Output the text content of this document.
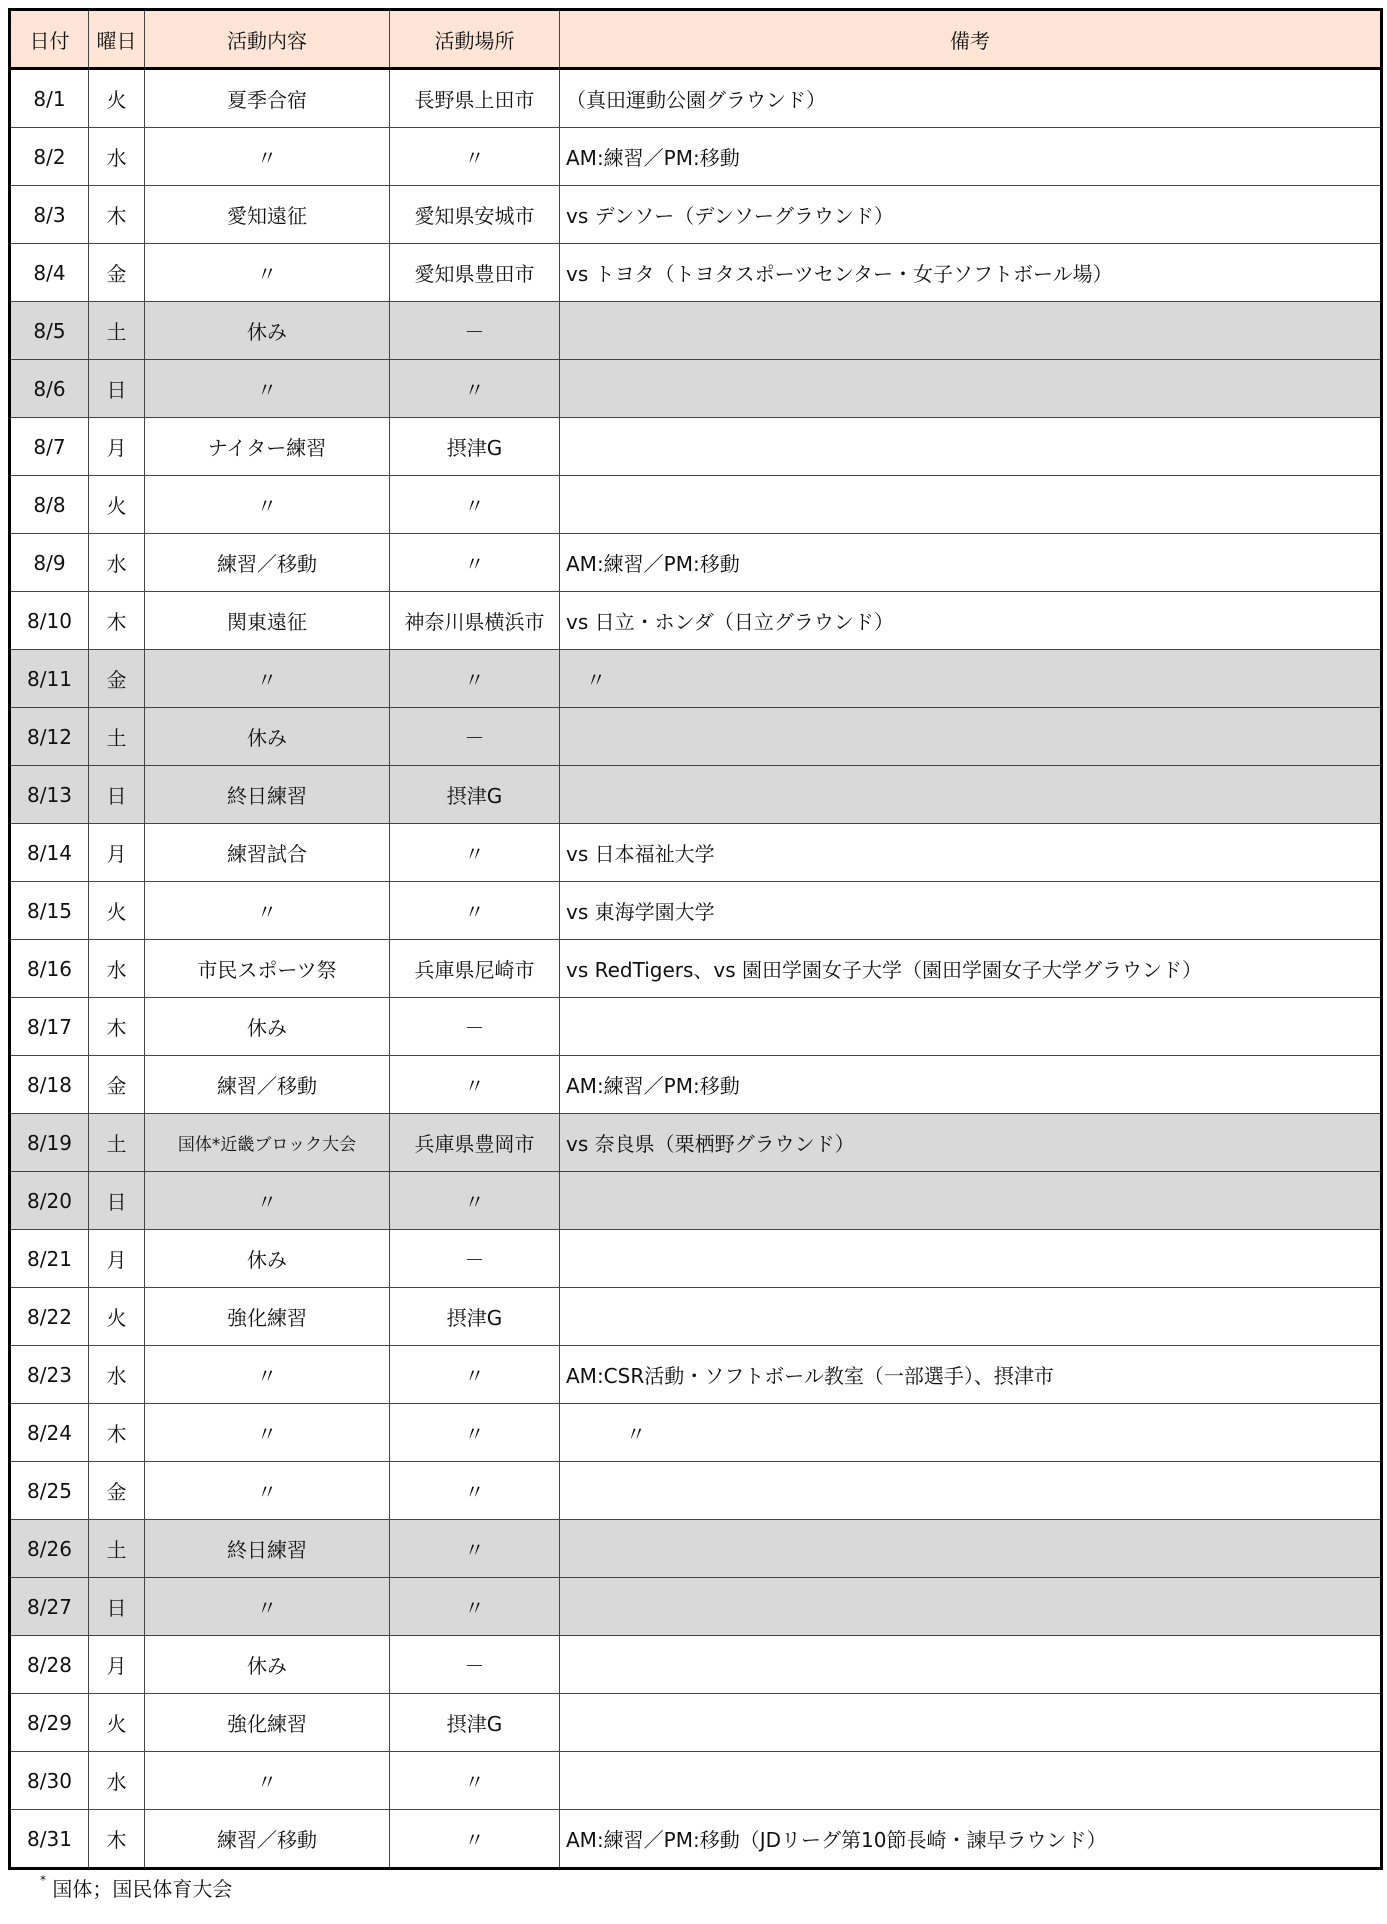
日付	曜日	活動内容	活動場所	備考
8/1	火	夏季合宿	長野県上田市	（真田運動公園グラウンド）
8/2	水	〃	〃	AM:練習／PM:移動
8/3	木	愛知遠征	愛知県安城市	vs デンソー（デンソーグラウンド）
8/4	金	〃	愛知県豊田市	vs トヨタ（トヨタスポーツセンター・女子ソフトボール場）
8/5	土	休み	－	
8/6	日	〃	〃	
8/7	月	ナイター練習	摂津G	
8/8	火	〃	〃	
8/9	水	練習／移動	〃	AM:練習／PM:移動
8/10	木	関東遠征	神奈川県横浜市	vs 日立・ホンダ（日立グラウンド）
8/11	金	〃	〃	　〃
8/12	土	休み	－	
8/13	日	終日練習	摂津G	
8/14	月	練習試合	〃	vs 日本福祉大学
8/15	火	〃	〃	vs 東海学園大学
8/16	水	市民スポーツ祭	兵庫県尼崎市	vs RedTigers、vs 園田学園女子大学（園田学園女子大学グラウンド）
8/17	木	休み	－	
8/18	金	練習／移動	〃	AM:練習／PM:移動
8/19	土	国体*近畿ブロック大会	兵庫県豊岡市	vs 奈良県（栗栖野グラウンド）
8/20	日	〃	〃	
8/21	月	休み	－	
8/22	火	強化練習	摂津G	
8/23	水	〃	〃	AM:CSR活動・ソフトボール教室（一部選手）、摂津市
8/24	木	〃	〃	　　　〃
8/25	金	〃	〃	
8/26	土	終日練習	〃	
8/27	日	〃	〃	
8/28	月	休み	－	
8/29	火	強化練習	摂津G	
8/30	水	〃	〃	
8/31	木	練習／移動	〃	AM:練習／PM:移動（JDリーグ第10節長崎・諫早ラウンド）
* 国体；国民体育大会
